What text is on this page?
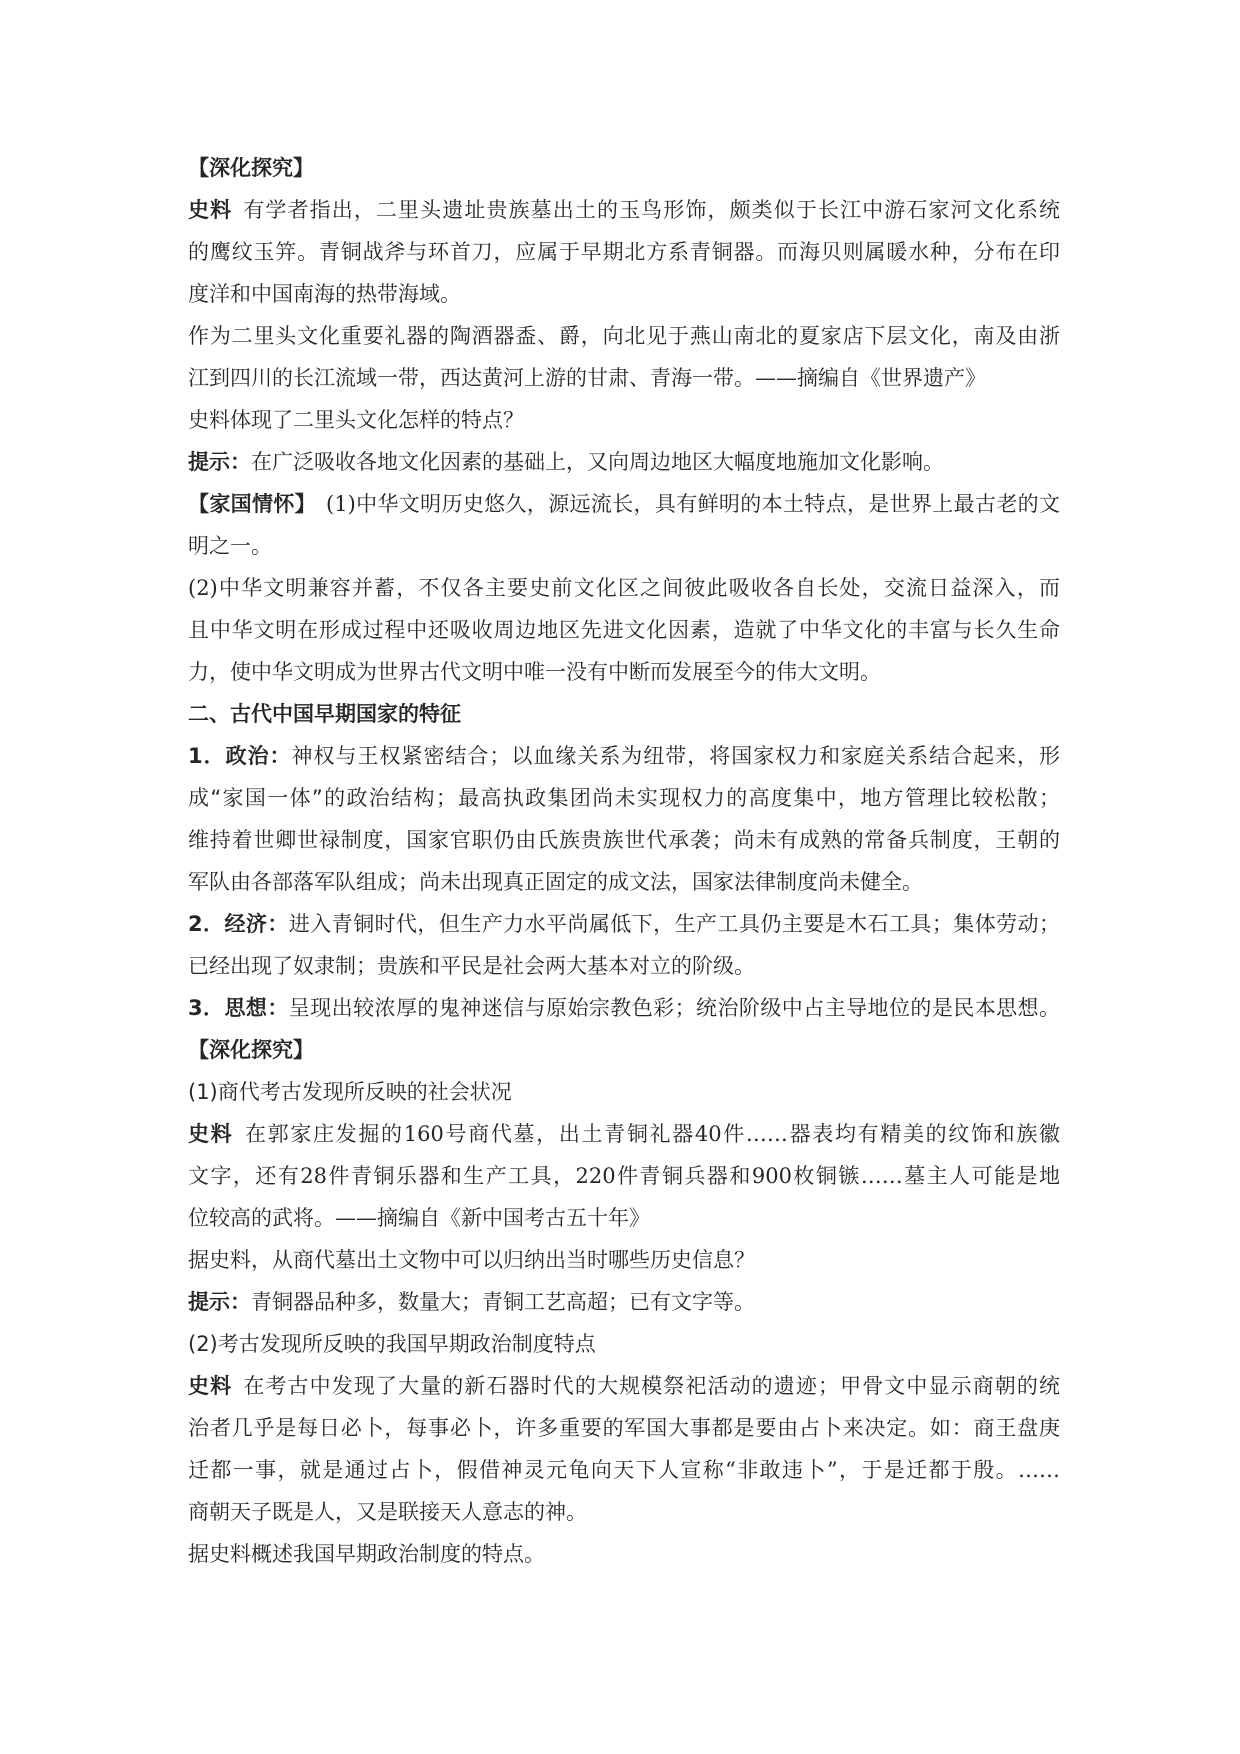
【深化探究】

史料 有学者指出，二里头遗址贵族墓出土的玉鸟形饰，颇类似于长江中游石家河文化系统

的鹰纹玉笄。青铜战斧与环首刀，应属于早期北方系青铜器。而海贝则属暖水种，分布在印

度洋和中国南海的热带海域。

作为二里头文化重要礼器的陶酒器盉、爵，向北见于燕山南北的夏家店下层文化，南及由浙

江到四川的长江流域一带，西达黄河上游的甘肃、青海一带。——摘编自《世界遗产》

史料体现了二里头文化怎样的特点？

提示：在广泛吸收各地文化因素的基础上，又向周边地区大幅度地施加文化影响。

【家国情怀】 (1)中华文明历史悠久，源远流长，具有鲜明的本土特点，是世界上最古老的文

明之一。

(2)中华文明兼容并蓄，不仅各主要史前文化区之间彼此吸收各自长处，交流日益深入，而

且中华文明在形成过程中还吸收周边地区先进文化因素，造就了中华文化的丰富与长久生命

力，使中华文明成为世界古代文明中唯一没有中断而发展至今的伟大文明。

二、古代中国早期国家的特征

1．政治：神权与王权紧密结合；以血缘关系为纽带，将国家权力和家庭关系结合起来，形

成“家国一体”的政治结构；最高执政集团尚未实现权力的高度集中，地方管理比较松散；

维持着世卿世禄制度，国家官职仍由氏族贵族世代承袭；尚未有成熟的常备兵制度，王朝的

军队由各部落军队组成；尚未出现真正固定的成文法，国家法律制度尚未健全。

2．经济：进入青铜时代，但生产力水平尚属低下，生产工具仍主要是木石工具；集体劳动；

已经出现了奴隶制；贵族和平民是社会两大基本对立的阶级。

3．思想：呈现出较浓厚的鬼神迷信与原始宗教色彩；统治阶级中占主导地位的是民本思想。

【深化探究】

(1)商代考古发现所反映的社会状况

史料 在郭家庄发掘的160号商代墓，出土青铜礼器40件……器表均有精美的纹饰和族徽

文字，还有28件青铜乐器和生产工具，220件青铜兵器和900枚铜镞……墓主人可能是地

位较高的武将。——摘编自《新中国考古五十年》

据史料，从商代墓出土文物中可以归纳出当时哪些历史信息？

提示：青铜器品种多，数量大；青铜工艺高超；已有文字等。

(2)考古发现所反映的我国早期政治制度特点

史料 在考古中发现了大量的新石器时代的大规模祭祀活动的遗迹；甲骨文中显示商朝的统

治者几乎是每日必卜，每事必卜，许多重要的军国大事都是要由占卜来决定。如：商王盘庚

迁都一事，就是通过占卜，假借神灵元龟向天下人宣称“非敢违卜”，于是迁都于殷。……

商朝天子既是人，又是联接天人意志的神。

据史料概述我国早期政治制度的特点。
